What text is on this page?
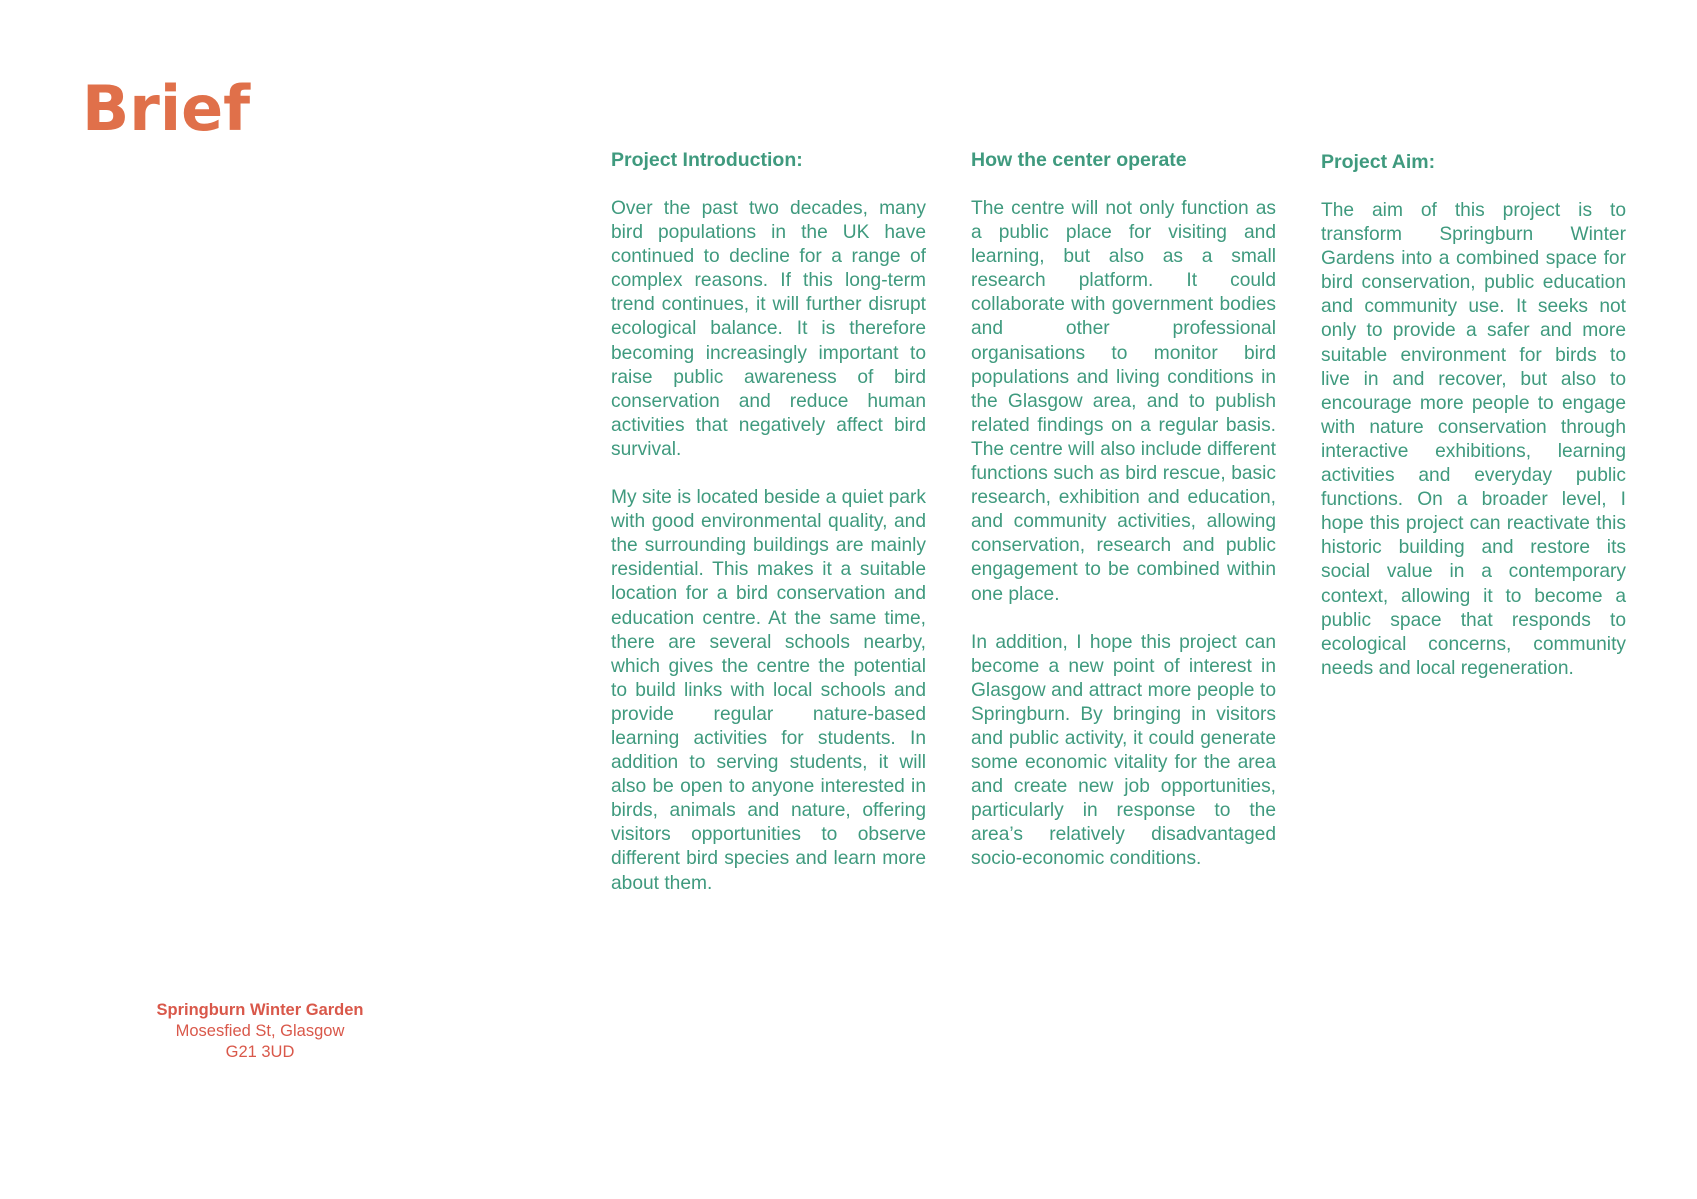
Brief
Project Introduction:

Over the past two decades, many bird populations in the UK have continued to decline for a range of complex reasons. If this long-term trend continues, it will further disrupt ecological balance. It is therefore becoming increasingly important to raise public awareness of bird conservation and reduce human activities that negatively affect bird survival.

My site is located beside a quiet park with good environmental quality, and the surrounding buildings are mainly residential. This makes it a suitable location for a bird conservation and education centre. At the same time, there are several schools nearby, which gives the centre the potential to build links with local schools and provide regular nature-based learning activities for students. In addition to serving students, it will also be open to anyone interested in birds, animals and nature, offering visitors opportunities to observe different bird species and learn more about them.

How the center operate

The centre will not only function as a public place for visiting and learning, but also as a small research platform. It could collaborate with government bodies and other professional organisations to monitor bird populations and living conditions in the Glasgow area, and to publish related findings on a regular basis. The centre will also include different functions such as bird rescue, basic research, exhibition and education, and community activities, allowing conservation, research and public engagement to be combined within one place.

In addition, I hope this project can become a new point of interest in Glasgow and attract more people to Springburn. By bringing in visitors and public activity, it could generate some economic vitality for the area and create new job opportunities, particularly in response to the area’s relatively disadvantaged socio-economic conditions.

Project Aim:

The aim of this project is to transform Springburn Winter Gardens into a combined space for bird conservation, public education and community use. It seeks not only to provide a safer and more suitable environment for birds to live in and recover, but also to encourage more people to engage with nature conservation through interactive exhibitions, learning activities and everyday public functions. On a broader level, I hope this project can reactivate this historic building and restore its social value in a contemporary context, allowing it to become a public space that responds to ecological concerns, community needs and local regeneration.

Springburn Winter Garden
Mosesfied St, Glasgow
G21 3UD
